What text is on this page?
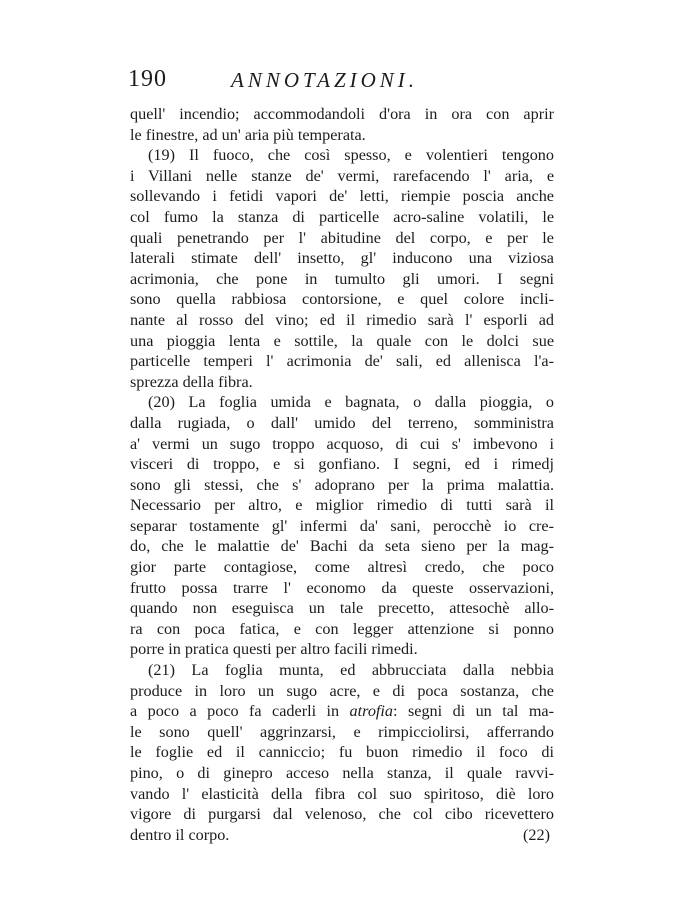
190	ANNOTAZIONI.
quell' incendio; accommodandoli d'ora in ora con aprir
le finestre, ad un' aria più temperata.
(19) Il fuoco, che così spesso, e volentieri tengono
i Villani nelle stanze de' vermi, rarefacendo l' aria, e
sollevando i fetidi vapori de' letti, riempie poscia anche
col fumo la stanza di particelle acro-saline volatili, le
quali penetrando per l' abitudine del corpo, e per le
laterali stimate dell' insetto, gl' inducono una viziosa
acrimonia, che pone in tumulto gli umori. I segni
sono quella rabbiosa contorsione, e quel colore incli-
nante al rosso del vino; ed il rimedio sarà l' esporli ad
una pioggia lenta e sottile, la quale con le dolci sue
particelle temperi l' acrimonia de' sali, ed allenisca l'a-
sprezza della fibra.
(20) La foglia umida e bagnata, o dalla pioggia, o
dalla rugiada, o dall' umido del terreno, somministra
a' vermi un sugo troppo acquoso, di cui s' imbevono i
visceri di troppo, e si gonfiano. I segni, ed i rimedj
sono gli stessi, che s' adoprano per la prima malattia.
Necessario per altro, e miglior rimedio di tutti sarà il
separar tostamente gl' infermi da' sani, perocchè io cre-
do, che le malattie de' Bachi da seta sieno per la mag-
gior parte contagiose, come altresì credo, che poco
frutto possa trarre l' economo da queste osservazioni,
quando non eseguisca un tale precetto, attesochè allo-
ra con poca fatica, e con legger attenzione si ponno
porre in pratica questi per altro facili rimedi.
(21) La foglia munta, ed abbrucciata dalla nebbia
produce in loro un sugo acre, e di poca sostanza, che
a poco a poco fa caderli in atrofia: segni di un tal ma-
le sono quell' aggrinzarsi, e rimpicciolirsi, afferrando
le foglie ed il canniccio; fu buon rimedio il foco di
pino, o di ginepro acceso nella stanza, il quale ravvi-
vando l' elasticità della fibra col suo spiritoso, diè loro
vigore di purgarsi dal velenoso, che col cibo ricevettero
dentro il corpo.	(22)
